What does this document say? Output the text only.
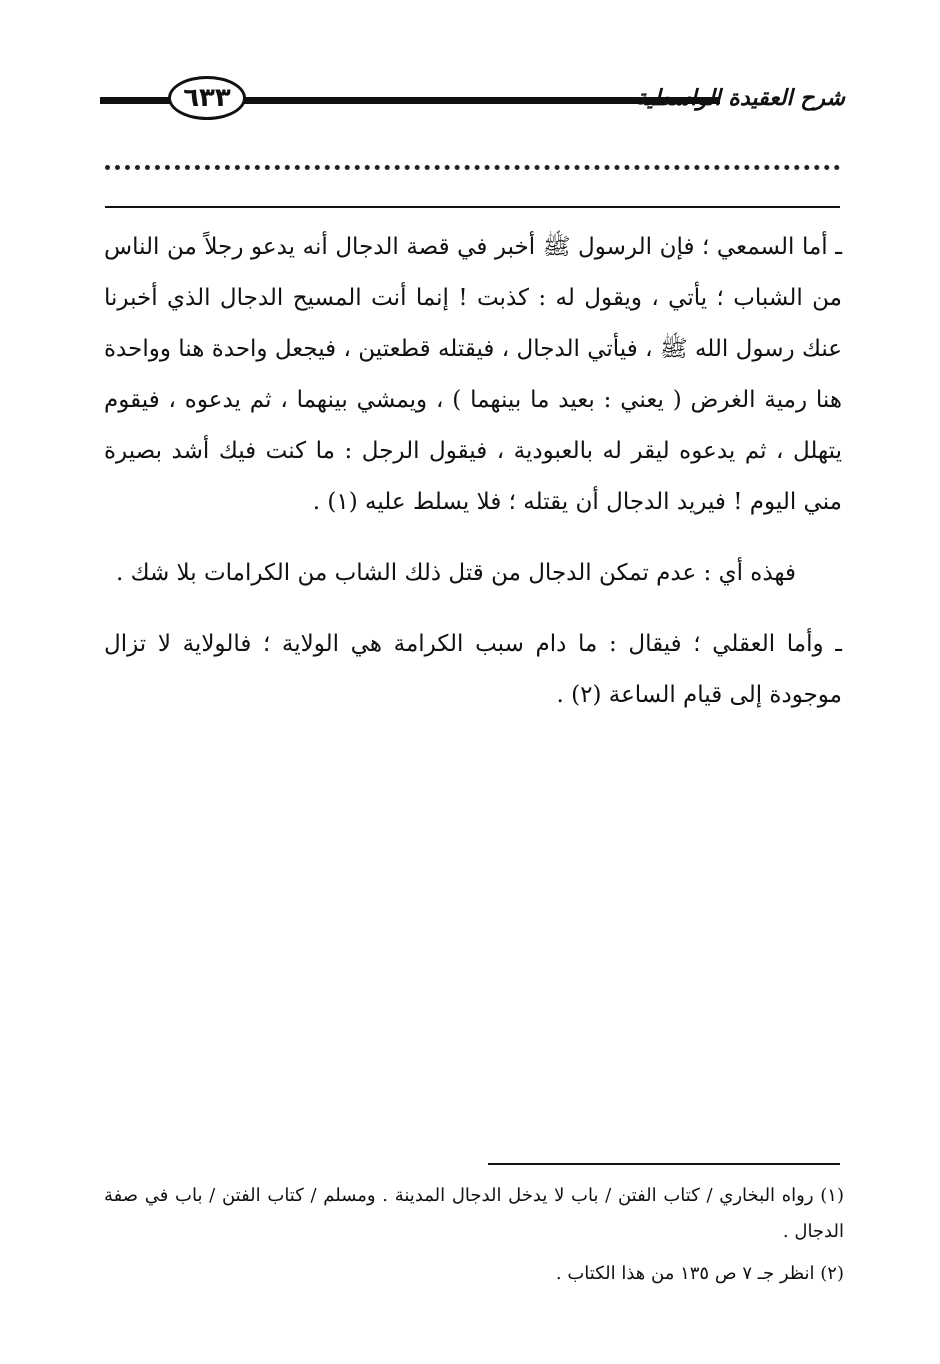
٦٣٣	شرح العقيدة الواسطية

ـ أما السمعي ؛ فإن الرسول ﷺ أخبر في قصة الدجال أنه يدعو رجلاً من الناس من الشباب ؛ يأتي ، ويقول له : كذبت ! إنما أنت المسيح الدجال الذي أخبرنا عنك رسول الله ﷺ ، فيأتي الدجال ، فيقتله قطعتين ، فيجعل واحدة هنا وواحدة هنا رمية الغرض ( يعني : بعيد ما بينهما ) ، ويمشي بينهما ، ثم يدعوه ، فيقوم يتهلل ، ثم يدعوه ليقر له بالعبودية ، فيقول الرجل : ما كنت فيك أشد بصيرة مني اليوم ! فيريد الدجال أن يقتله ؛ فلا يسلط عليه (١) .

فهذه أي : عدم تمكن الدجال من قتل ذلك الشاب من الكرامات بلا شك .

ـ وأما العقلي ؛ فيقال : ما دام سبب الكرامة هي الولاية ؛ فالولاية لا تزال موجودة إلى قيام الساعة (٢) .

(١) رواه البخاري / كتاب الفتن / باب لا يدخل الدجال المدينة . ومسلم / كتاب الفتن / باب في صفة الدجال .

(٢) انظر جـ ٧ ص ١٣٥ من هذا الكتاب .
